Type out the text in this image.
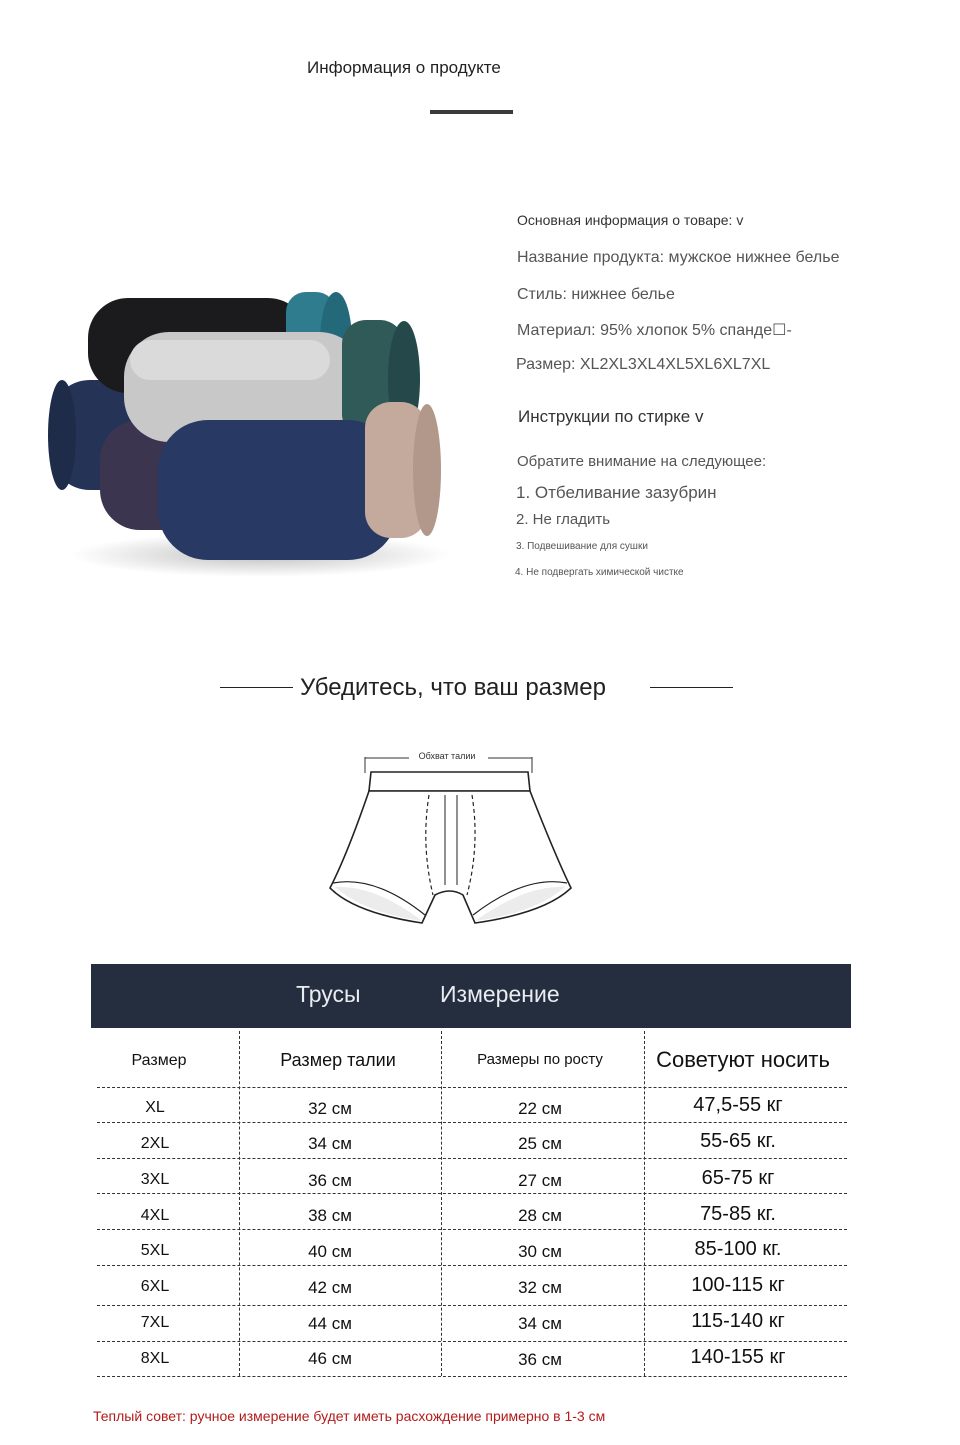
Информация о продукте
Основная информация о товаре: v
Название продукта: мужское нижнее белье
Стиль: нижнее белье
Материал: 95% хлопок 5% спанде☐-
Размер: XL2XL3XL4XL5XL6XL7XL
Инструкции по стирке v
Обратите внимание на следующее:
1. Отбеливание зазубрин
2. Не гладить
3. Подвешивание для сушки
4. Не подвергать химической чистке
Убедитесь, что ваш размер
Обхват талии
Трусы	Измерение
Размер	Размер талии	Размеры по росту	Советуют носить
XL	32 см	22 см	47,5-55 кг
2XL	34 см	25 см	55-65 кг.
3XL	36 см	27 см	65-75 кг
4XL	38 см	28 см	75-85 кг.
5XL	40 см	30 см	85-100 кг.
6XL	42 см	32 см	100-115 кг
7XL	44 см	34 см	115-140 кг
8XL	46 см	36 см	140-155 кг
Теплый совет: ручное измерение будет иметь расхождение примерно в 1-3 см
